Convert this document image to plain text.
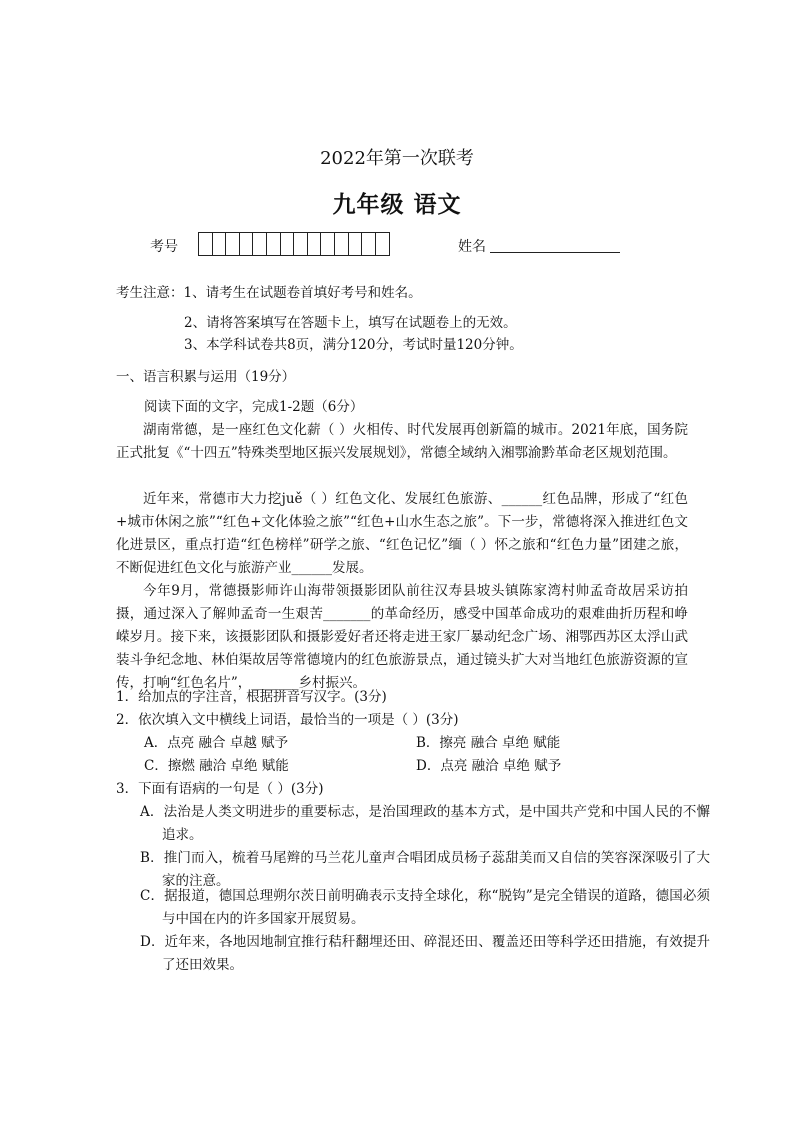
2022年第一次联考
九年级 语文
考号	姓名
考生注意：1、请考生在试题卷首填好考号和姓名。
2、请将答案填写在答题卡上，填写在试题卷上的无效。
3、本学科试卷共8页，满分120分，考试时量120分钟。
一、语言积累与运用（19分）
阅读下面的文字，完成1-2题（6分）
湖南常德，是一座红色文化薪（ ）火相传、时代发展再创新篇的城市。2021年底，国务院正式批复《“十四五”特殊类型地区振兴发展规划》，常德全域纳入湘鄂渝黔革命老区规划范围。
近年来，常德市大力挖juě（ ）红色文化、发展红色旅游、______红色品牌，形成了“红色+城市休闲之旅”“红色+文化体验之旅”“红色+山水生态之旅”。下一步，常德将深入推进红色文化进景区，重点打造“红色榜样”研学之旅、“红色记忆”缅（ ）怀之旅和“红色力量”团建之旅，不断促进红色文化与旅游产业______发展。
今年9月，常德摄影师许山海带领摄影团队前往汉寿县坡头镇陈家湾村帅孟奇故居采访拍摄，通过深入了解帅孟奇一生艰苦_______的革命经历，感受中国革命成功的艰难曲折历程和峥嵘岁月。接下来，该摄影团队和摄影爱好者还将走进王家厂暴动纪念广场、湘鄂西苏区太浮山武装斗争纪念地、林伯渠故居等常德境内的红色旅游景点，通过镜头扩大对当地红色旅游资源的宣传，打响“红色名片”，_______乡村振兴。
1．给加点的字注音，根据拼音写汉字。(3分)
2．依次填入文中横线上词语，最恰当的一项是（ ）(3分)
A．点亮 融合 卓越 赋予	B．擦亮 融合 卓绝 赋能
C．擦燃 融洽 卓绝 赋能	D．点亮 融洽 卓绝 赋予
3．下面有语病的一句是（ ）(3分)
A．法治是人类文明进步的重要标志，是治国理政的基本方式，是中国共产党和中国人民的不懈追求。
B．推门而入，梳着马尾辫的马兰花儿童声合唱团成员杨子蕊甜美而又自信的笑容深深吸引了大家的注意。
C．据报道，德国总理朔尔茨日前明确表示支持全球化，称“脱钩”是完全错误的道路，德国必须与中国在内的许多国家开展贸易。
D．近年来，各地因地制宜推行秸秆翻埋还田、碎混还田、覆盖还田等科学还田措施，有效提升了还田效果。
